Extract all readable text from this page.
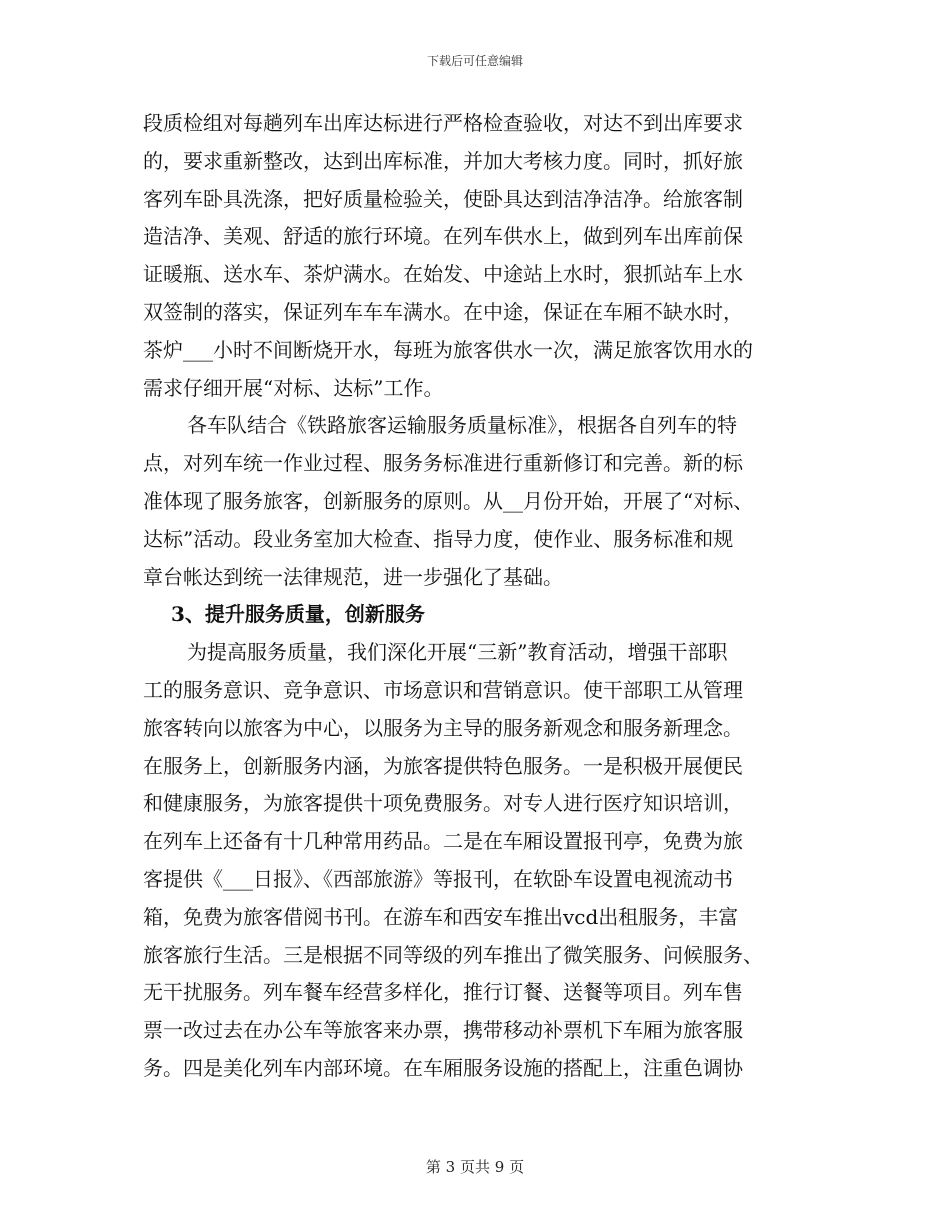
下载后可任意编辑
段质检组对每趟列车出库达标进行严格检查验收，对达不到出库要求
的，要求重新整改，达到出库标准，并加大考核力度。同时，抓好旅
客列车卧具洗涤，把好质量检验关，使卧具达到洁净洁净。给旅客制
造洁净、美观、舒适的旅行环境。在列车供水上，做到列车出库前保
证暖瓶、送水车、茶炉满水。在始发、中途站上水时，狠抓站车上水
双签制的落实，保证列车车车满水。在中途，保证在车厢不缺水时，
茶炉___小时不间断烧开水，每班为旅客供水一次，满足旅客饮用水的
需求仔细开展“对标、达标”工作。
各车队结合《铁路旅客运输服务质量标准》，根据各自列车的特
点，对列车统一作业过程、服务务标准进行重新修订和完善。新的标
准体现了服务旅客，创新服务的原则。从__月份开始，开展了“对标、
达标”活动。段业务室加大检查、指导力度，使作业、服务标准和规
章台帐达到统一法律规范，进一步强化了基础。
3、提升服务质量，创新服务
为提高服务质量，我们深化开展“三新”教育活动，增强干部职
工的服务意识、竞争意识、市场意识和营销意识。使干部职工从管理
旅客转向以旅客为中心，以服务为主导的服务新观念和服务新理念。
在服务上，创新服务内涵，为旅客提供特色服务。一是积极开展便民
和健康服务，为旅客提供十项免费服务。对专人进行医疗知识培训，
在列车上还备有十几种常用药品。二是在车厢设置报刊亭，免费为旅
客提供《___日报》、《西部旅游》等报刊，在软卧车设置电视流动书
箱，免费为旅客借阅书刊。在游车和西安车推出vcd出租服务，丰富
旅客旅行生活。三是根据不同等级的列车推出了微笑服务、问候服务、
无干扰服务。列车餐车经营多样化，推行订餐、送餐等项目。列车售
票一改过去在办公车等旅客来办票，携带移动补票机下车厢为旅客服
务。四是美化列车内部环境。在车厢服务设施的搭配上，注重色调协
第 3 页共 9 页
